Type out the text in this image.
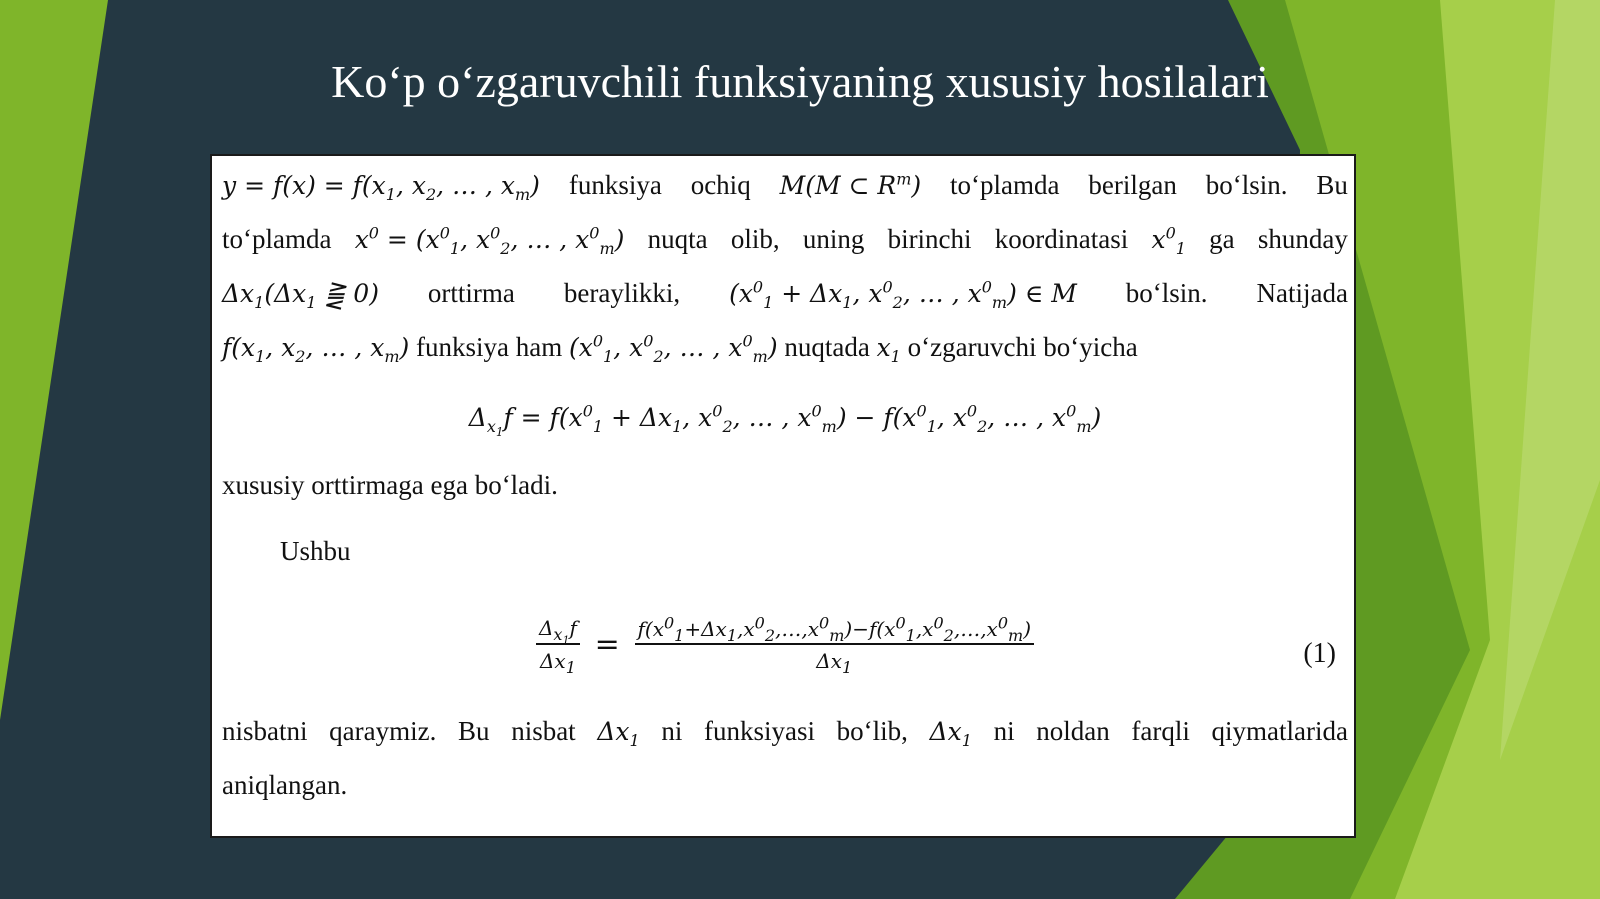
Ko‘p o‘zgaruvchili funksiyaning xususiy hosilalari
$y = f(x) = f(x_1$, $x_2$, … , $x_m$) funksiya ochiq M(M ⊂ $R^m$) to‘plamda berilgan bo‘lsin. Bu
to‘plamda $x^0 = (x^0_1$, $x^0_2$, … , $x^0_m$) nuqta olib, uning birinchi koordinatasi $x^0_1$ ga shunday
$\Delta x_1(\Delta x_1$ ⪌ 0) orttirma beraylikki, ($x^0_1 + \Delta x_1$, $x^0_2$, … , $x^0_m$) ∈ M bo‘lsin. Natijada
$f(x_1$, $x_2$, … , $x_m$) funksiya ham ($x^0_1$, $x^0_2$, … , $x^0_m$) nuqtada $x_1$ o‘zgaruvchi bo‘yicha
$\Delta_{x_1}f = f(x^0_1 + \Delta x_1$, $x^0_2$, … , $x^0_m) - f(x^0_1$, $x^0_2$, … , $x^0_m$)
xususiy orttirmaga ega bo‘ladi.
Ushbu
$\frac{\Delta_{x_1}f}{\Delta x_1} = \frac{f(x^0_1+\Delta x_1,x^0_2,\dots,x^0_m)-f(x^0_1,x^0_2,\dots,x^0_m)}{\Delta x_1}$	(1)
nisbatni qaraymiz. Bu nisbat $\Delta x_1$ ni funksiyasi bo‘lib, $\Delta x_1$ ni noldan farqli qiymatlarida
aniqlangan.
